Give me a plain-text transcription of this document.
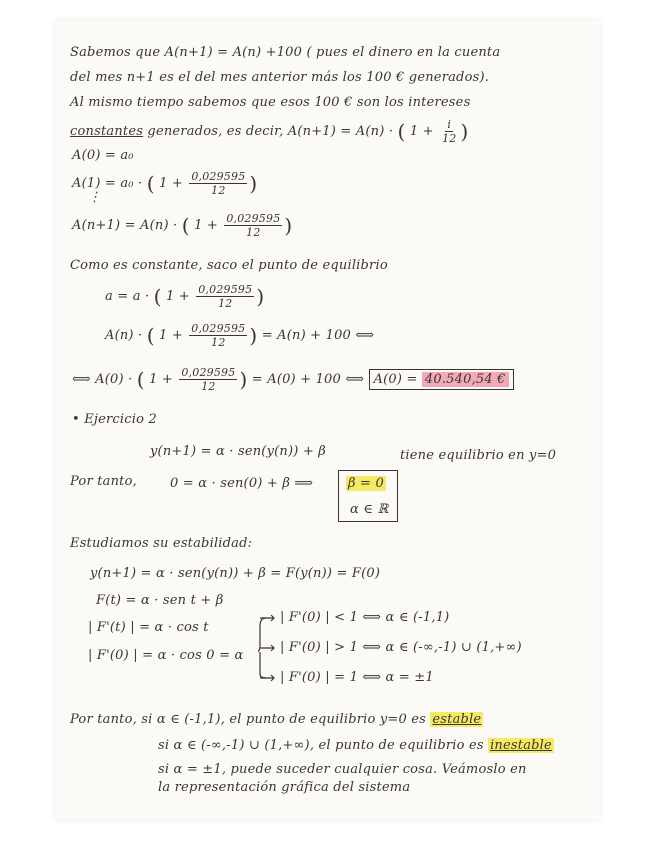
Sabemos que A(n+1) = A(n) +100 ( pues el dinero en la cuenta
del mes n+1 es el del mes anterior más los 100 € generados).
Al mismo tiempo sabemos que esos 100 € son los intereses
constantes generados, es decir, A(n+1) = A(n) · ( $1 + \frac{i}{12}$ )
A(0) = a₀
A(1) = a₀ · ( $1 + \frac{0,029595}{12}$ )
⋮
A(n+1) = A(n) · ( $1 + \frac{0,029595}{12}$ )
Como es constante, saco el punto de equilibrio
a = a · ( $1 + \frac{0,029595}{12}$ )
A(n) · ( $1 + \frac{0,029595}{12}$ ) = A(n) + 100 ⟺
⟺ A(0) · ( $1 + \frac{0,029595}{12}$ ) = A(0) + 100 ⟺ A(0) = 40.540,54 €
• Ejercicio 2
y(n+1) = α · sen(y(n)) + β	tiene equilibrio en y=0
Por tanto,	0 = α · sen(0) + β ⟹	β = 0
α ∈ ℝ
Estudiamos su estabilidad:
y(n+1) = α · sen(y(n)) + β = F(y(n)) = F(0)
F(t) = α · sen t + β
| F'(t) | = α · cos t
| F'(0) | = α · cos 0 = α
| F'(0) | < 1 ⟺ α ∈ (-1,1)
| F'(0) | > 1 ⟺ α ∈ (-∞,-1) ∪ (1,+∞)
| F'(0) | = 1 ⟺ α = ±1
Por tanto, si α ∈ (-1,1), el punto de equilibrio y=0 es estable
si α ∈ (-∞,-1) ∪ (1,+∞), el punto de equilibrio es inestable
si α = ±1, puede suceder cualquier cosa. Veámoslo en
la representación gráfica del sistema
